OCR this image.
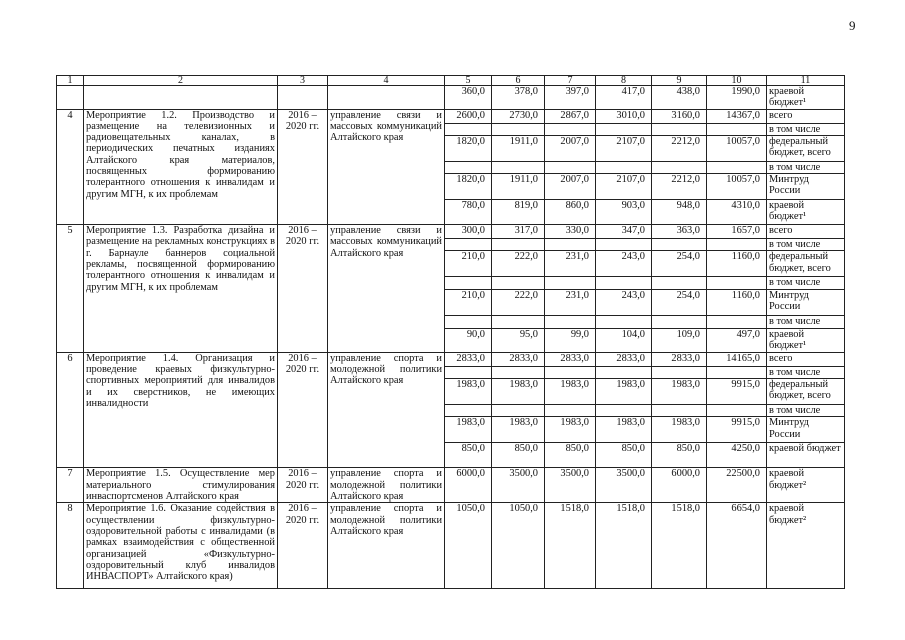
9
1	2	3	4	5	6	7	8	9	10	11
				360,0	378,0	397,0	417,0	438,0	1990,0	краевой бюджет¹
4	Мероприятие 1.2. Производство и размещение на телевизионных и радиовещательных каналах, в периодических печатных изданиях Алтайского края материалов, посвященных формированию толерантного отношения к инвалидам и другим МГН, к их проблемам	2016 – 2020 гг.	управление связи и массовых коммуникаций Алтайского края	2600,0	2730,0	2867,0	3010,0	3160,0	14367,0	всего
										в том числе
				1820,0	1911,0	2007,0	2107,0	2212,0	10057,0	федеральный бюджет, всего
										в том числе
				1820,0	1911,0	2007,0	2107,0	2212,0	10057,0	Минтруд России
				780,0	819,0	860,0	903,0	948,0	4310,0	краевой бюджет¹
5	Мероприятие 1.3. Разработка дизайна и размещение на рекламных конструкциях в г. Барнауле баннеров социальной рекламы, посвященной формированию толерантного отношения к инвалидам и другим МГН, к их проблемам	2016 – 2020 гг.	управление связи и массовых коммуникаций Алтайского края	300,0	317,0	330,0	347,0	363,0	1657,0	всего
										в том числе
				210,0	222,0	231,0	243,0	254,0	1160,0	федеральный бюджет, всего
										в том числе
				210,0	222,0	231,0	243,0	254,0	1160,0	Минтруд России
										в том числе
				90,0	95,0	99,0	104,0	109,0	497,0	краевой бюджет¹
6	Мероприятие 1.4. Организация и проведение краевых физкультурно-спортивных мероприятий для инвалидов и их сверстников, не имеющих инвалидности	2016 – 2020 гг.	управление спорта и молодежной политики Алтайского края	2833,0	2833,0	2833,0	2833,0	2833,0	14165,0	всего
										в том числе
				1983,0	1983,0	1983,0	1983,0	1983,0	9915,0	федеральный бюджет, всего
										в том числе
				1983,0	1983,0	1983,0	1983,0	1983,0	9915,0	Минтруд России
				850,0	850,0	850,0	850,0	850,0	4250,0	краевой бюджет
7	Мероприятие 1.5. Осуществление мер материального стимулирования инваспортсменов Алтайского края	2016 – 2020 гг.	управление спорта и молодежной политики Алтайского края	6000,0	3500,0	3500,0	3500,0	6000,0	22500,0	краевой бюджет²
8	Мероприятие 1.6. Оказание содействия в осуществлении физкультурно-оздоровительной работы с инвалидами (в рамках взаимодействия с общественной организацией «Физкультурно-оздоровительный клуб инвалидов ИНВАСПОРТ» Алтайского края)	2016 – 2020 гг.	управление спорта и молодежной политики Алтайского края	1050,0	1050,0	1518,0	1518,0	1518,0	6654,0	краевой бюджет²
